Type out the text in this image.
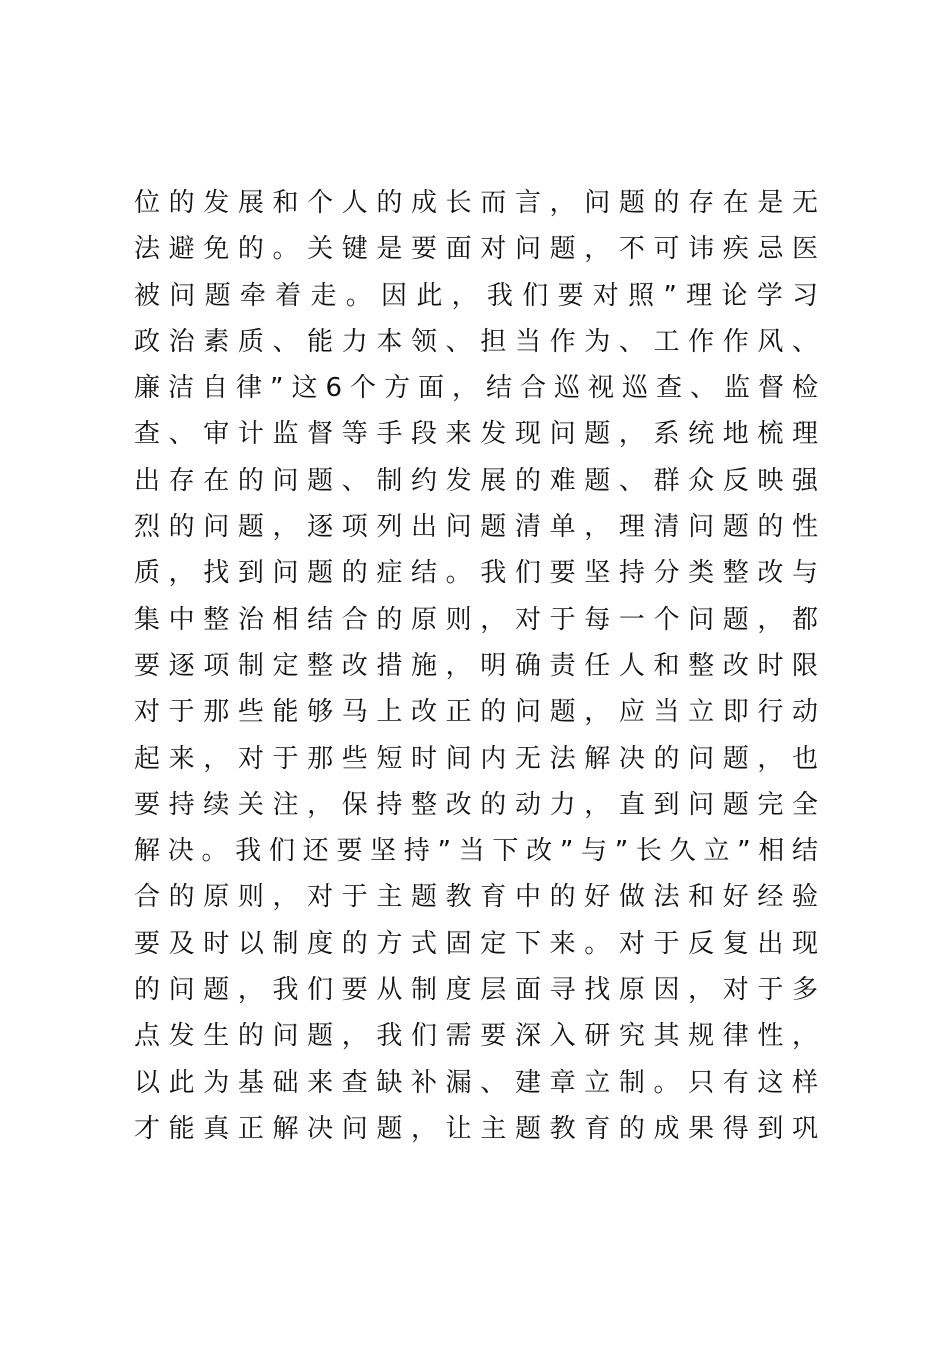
位的发展和个人的成长而言，问题的存在是无
法避免的。关键是要面对问题，不可讳疾忌医
被问题牵着走。因此，我们要对照”理论学习
政治素质、能力本领、担当作为、工作作风、
廉洁自律”这6个方面，结合巡视巡查、监督检
查、审计监督等手段来发现问题，系统地梳理
出存在的问题、制约发展的难题、群众反映强
烈的问题，逐项列出问题清单，理清问题的性
质，找到问题的症结。我们要坚持分类整改与
集中整治相结合的原则，对于每一个问题，都
要逐项制定整改措施，明确责任人和整改时限
对于那些能够马上改正的问题，应当立即行动
起来，对于那些短时间内无法解决的问题，也
要持续关注，保持整改的动力，直到问题完全
解决。我们还要坚持”当下改”与”长久立”相结
合的原则，对于主题教育中的好做法和好经验
要及时以制度的方式固定下来。对于反复出现
的问题，我们要从制度层面寻找原因，对于多
点发生的问题，我们需要深入研究其规律性，
以此为基础来查缺补漏、建章立制。只有这样
才能真正解决问题，让主题教育的成果得到巩
